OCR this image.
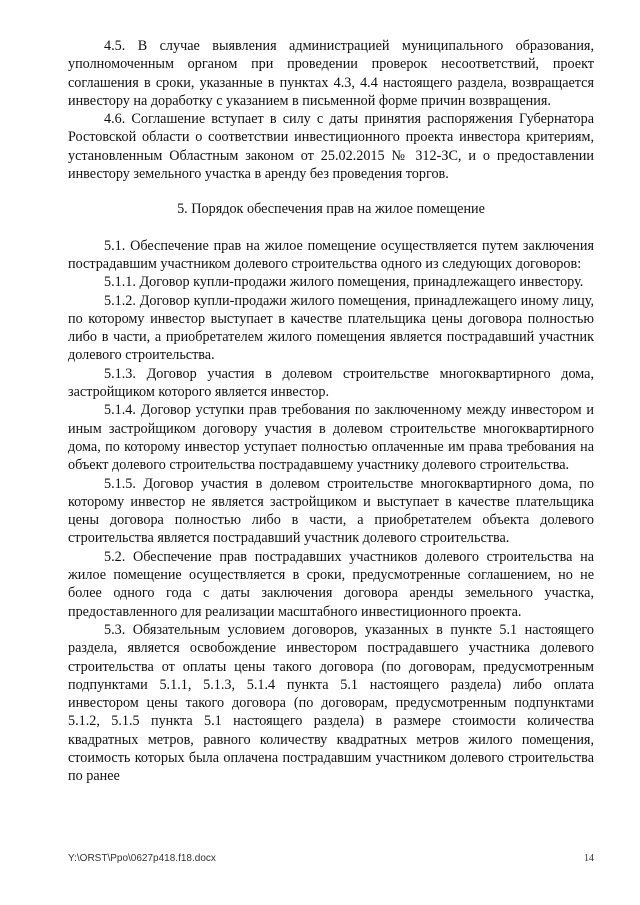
4.5. В случае выявления администрацией муниципального образования, уполномоченным органом при проведении проверок несоответствий, проект соглашения в сроки, указанные в пунктах 4.3, 4.4 настоящего раздела, возвращается инвестору на доработку с указанием в письменной форме причин возвращения.

4.6. Соглашение вступает в силу с даты принятия распоряжения Губернатора Ростовской области о соответствии инвестиционного проекта инвестора критериям, установленным Областным законом от 25.02.2015 № 312-ЗС, и о предоставлении инвестору земельного участка в аренду без проведения торгов.

5. Порядок обеспечения прав на жилое помещение

5.1. Обеспечение прав на жилое помещение осуществляется путем заключения пострадавшим участником долевого строительства одного из следующих договоров:

5.1.1. Договор купли-продажи жилого помещения, принадлежащего инвестору.

5.1.2. Договор купли-продажи жилого помещения, принадлежащего иному лицу, по которому инвестор выступает в качестве плательщика цены договора полностью либо в части, а приобретателем жилого помещения является пострадавший участник долевого строительства.

5.1.3. Договор участия в долевом строительстве многоквартирного дома, застройщиком которого является инвестор.

5.1.4. Договор уступки прав требования по заключенному между инвестором и иным застройщиком договору участия в долевом строительстве многоквартирного дома, по которому инвестор уступает полностью оплаченные им права требования на объект долевого строительства пострадавшему участнику долевого строительства.

5.1.5. Договор участия в долевом строительстве многоквартирного дома, по которому инвестор не является застройщиком и выступает в качестве плательщика цены договора полностью либо в части, а приобретателем объекта долевого строительства является пострадавший участник долевого строительства.

5.2. Обеспечение прав пострадавших участников долевого строительства на жилое помещение осуществляется в сроки, предусмотренные соглашением, но не более одного года с даты заключения договора аренды земельного участка, предоставленного для реализации масштабного инвестиционного проекта.

5.3. Обязательным условием договоров, указанных в пункте 5.1 настоящего раздела, является освобождение инвестором пострадавшего участника долевого строительства от оплаты цены такого договора (по договорам, предусмотренным подпунктами 5.1.1, 5.1.3, 5.1.4 пункта 5.1 настоящего раздела) либо оплата инвестором цены такого договора (по договорам, предусмотренным подпунктами 5.1.2, 5.1.5 пункта 5.1 настоящего раздела) в размере стоимости количества квадратных метров, равного количеству квадратных метров жилого помещения, стоимость которых была оплачена пострадавшим участником долевого строительства по ранее

Y:\ORST\Ppo\0627p418.f18.docx	14
